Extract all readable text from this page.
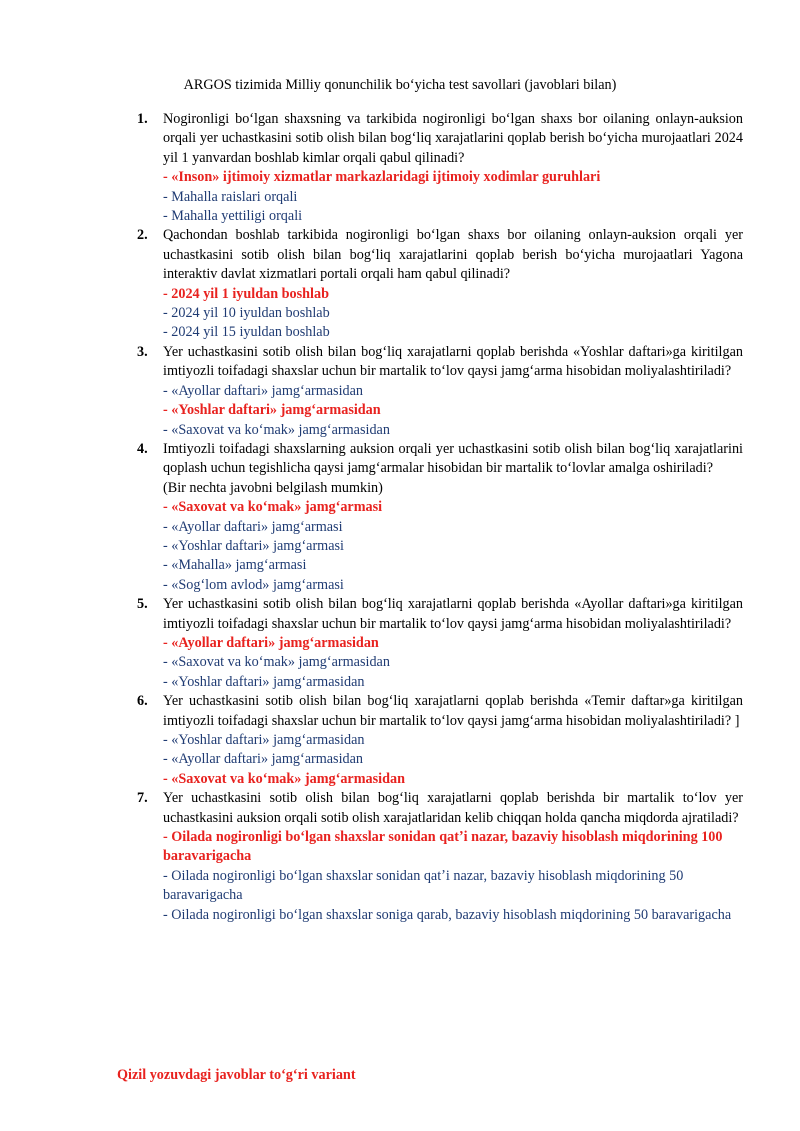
ARGOS tizimida Milliy qonunchilik boʻyicha test savollari (javoblari bilan)
1.	Nogironligi boʻlgan shaxsning va tarkibida nogironligi boʻlgan shaxs bor oilaning onlayn-auksion orqali yer uchastkasini sotib olish bilan bogʻliq xarajatlarini qoplab berish boʻyicha murojaatlari 2024 yil 1 yanvardan boshlab kimlar orqali qabul qilinadi?
- «Inson» ijtimoiy xizmatlar markazlaridagi ijtimoiy xodimlar guruhlari
- Mahalla raislari orqali
- Mahalla yettiligi orqali
2.	Qachondan boshlab tarkibida nogironligi boʻlgan shaxs bor oilaning onlayn-auksion orqali yer uchastkasini sotib olish bilan bogʻliq xarajatlarini qoplab berish boʻyicha murojaatlari Yagona interaktiv davlat xizmatlari portali orqali ham qabul qilinadi?
- 2024 yil 1 iyuldan boshlab
- 2024 yil 10 iyuldan boshlab
- 2024 yil 15 iyuldan boshlab
3.	Yer uchastkasini sotib olish bilan bogʻliq xarajatlarni qoplab berishda «Yoshlar daftari»ga kiritilgan imtiyozli toifadagi shaxslar uchun bir martalik toʻlov qaysi jamgʻarma hisobidan moliyalashtiriladi?
- «Ayollar daftari» jamgʻarmasidan
- «Yoshlar daftari» jamgʻarmasidan
- «Saxovat va koʻmak» jamgʻarmasidan
4.	Imtiyozli toifadagi shaxslarning auksion orqali yer uchastkasini sotib olish bilan bogʻliq xarajatlarini qoplash uchun tegishlicha qaysi jamgʻarmalar hisobidan bir martalik toʻlovlar amalga oshiriladi?
(Bir nechta javobni belgilash mumkin)
- «Saxovat va koʻmak» jamgʻarmasi
- «Ayollar daftari» jamgʻarmasi
- «Yoshlar daftari» jamgʻarmasi
- «Mahalla» jamgʻarmasi
- «Sogʻlom avlod» jamgʻarmasi
5.	Yer uchastkasini sotib olish bilan bogʻliq xarajatlarni qoplab berishda «Ayollar daftari»ga kiritilgan imtiyozli toifadagi shaxslar uchun bir martalik toʻlov qaysi jamgʻarma hisobidan moliyalashtiriladi?
- «Ayollar daftari» jamgʻarmasidan
- «Saxovat va koʻmak» jamgʻarmasidan
- «Yoshlar daftari» jamgʻarmasidan
6.	Yer uchastkasini sotib olish bilan bogʻliq xarajatlarni qoplab berishda «Temir daftar»ga kiritilgan imtiyozli toifadagi shaxslar uchun bir martalik toʻlov qaysi jamgʻarma hisobidan moliyalashtiriladi? ]
- «Yoshlar daftari» jamgʻarmasidan
- «Ayollar daftari» jamgʻarmasidan
- «Saxovat va koʻmak» jamgʻarmasidan
7.	Yer uchastkasini sotib olish bilan bogʻliq xarajatlarni qoplab berishda bir martalik toʻlov yer uchastkasini auksion orqali sotib olish xarajatlaridan kelib chiqqan holda qancha miqdorda ajratiladi?
- Oilada nogironligi boʻlgan shaxslar sonidan qatʼi nazar, bazaviy hisoblash miqdorining 100 baravarigacha
- Oilada nogironligi boʻlgan shaxslar sonidan qatʼi nazar, bazaviy hisoblash miqdorining 50 baravarigacha
- Oilada nogironligi boʻlgan shaxslar soniga qarab, bazaviy hisoblash miqdorining 50 baravarigacha
Qizil yozuvdagi javoblar toʻgʻri variant
